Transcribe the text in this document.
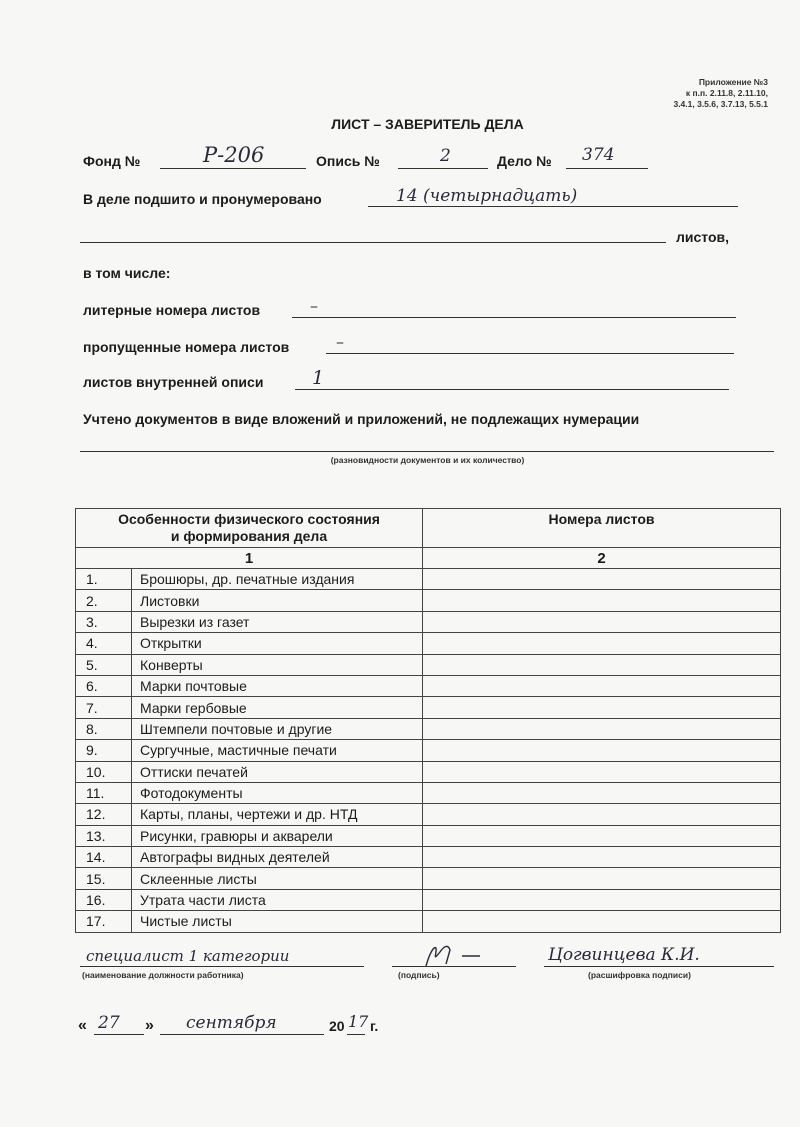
Приложение №3
к п.п. 2.11.8, 2.11.10,
3.4.1, 3.5.6, 3.7.13, 5.5.1
ЛИСТ – ЗАВЕРИТЕЛЬ ДЕЛА
Фонд №	Р-206	Опись №	2	Дело № 374
В деле подшито и пронумеровано	14 (четырнадцать)
листов,
в том числе:
литерные номера листов	–
пропущенные номера листов	–
листов внутренней описи	1
Учтено документов в виде вложений и приложений, не подлежащих нумерации
(разновидности документов и их количество)
Особенности физического состояния
и формирования дела		Номера листов
1		2
1.	Брошюры, др. печатные издания	
2.	Листовки	
3.	Вырезки из газет	
4.	Открытки	
5.	Конверты	
6.	Марки почтовые	
7.	Марки гербовые	
8.	Штемпели почтовые и другие	
9.	Сургучные, мастичные печати	
10.	Оттиски печатей	
11.	Фотодокументы	
12.	Карты, планы, чертежи и др. НТД	
13.	Рисунки, гравюры и акварели	
14.	Автографы видных деятелей	
15.	Склеенные листы	
16.	Утрата части листа	
17.	Чистые листы	
специалист 1 категории
(наименование должности работника)	(подпись)
Цогвинцева К.И.
(расшифровка подписи)
« 27 » сентября	20 17 г.
